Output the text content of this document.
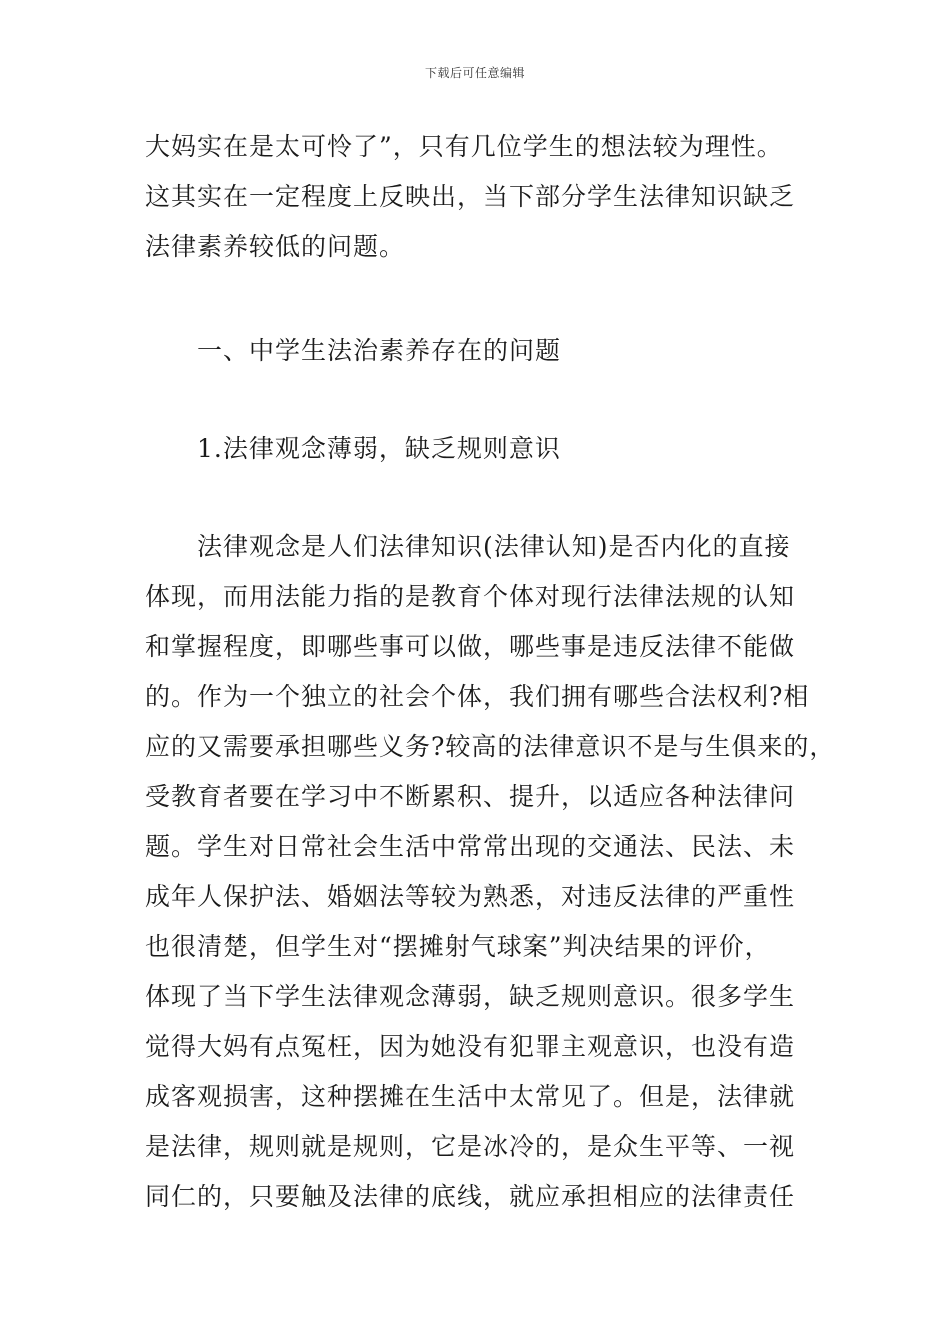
下载后可任意编辑
大妈实在是太可怜了”，只有几位学生的想法较为理性。
这其实在一定程度上反映出，当下部分学生法律知识缺乏
法律素养较低的问题。
一、中学生法治素养存在的问题
1.法律观念薄弱，缺乏规则意识
法律观念是人们法律知识(法律认知)是否内化的直接
体现，而用法能力指的是教育个体对现行法律法规的认知
和掌握程度，即哪些事可以做，哪些事是违反法律不能做
的。作为一个独立的社会个体，我们拥有哪些合法权利?相
应的又需要承担哪些义务?较高的法律意识不是与生俱来的，
受教育者要在学习中不断累积、提升，以适应各种法律问
题。学生对日常社会生活中常常出现的交通法、民法、未
成年人保护法、婚姻法等较为熟悉，对违反法律的严重性
也很清楚，但学生对“摆摊射气球案”判决结果的评价，
体现了当下学生法律观念薄弱，缺乏规则意识。很多学生
觉得大妈有点冤枉，因为她没有犯罪主观意识，也没有造
成客观损害，这种摆摊在生活中太常见了。但是，法律就
是法律，规则就是规则，它是冰冷的，是众生平等、一视
同仁的，只要触及法律的底线，就应承担相应的法律责任
